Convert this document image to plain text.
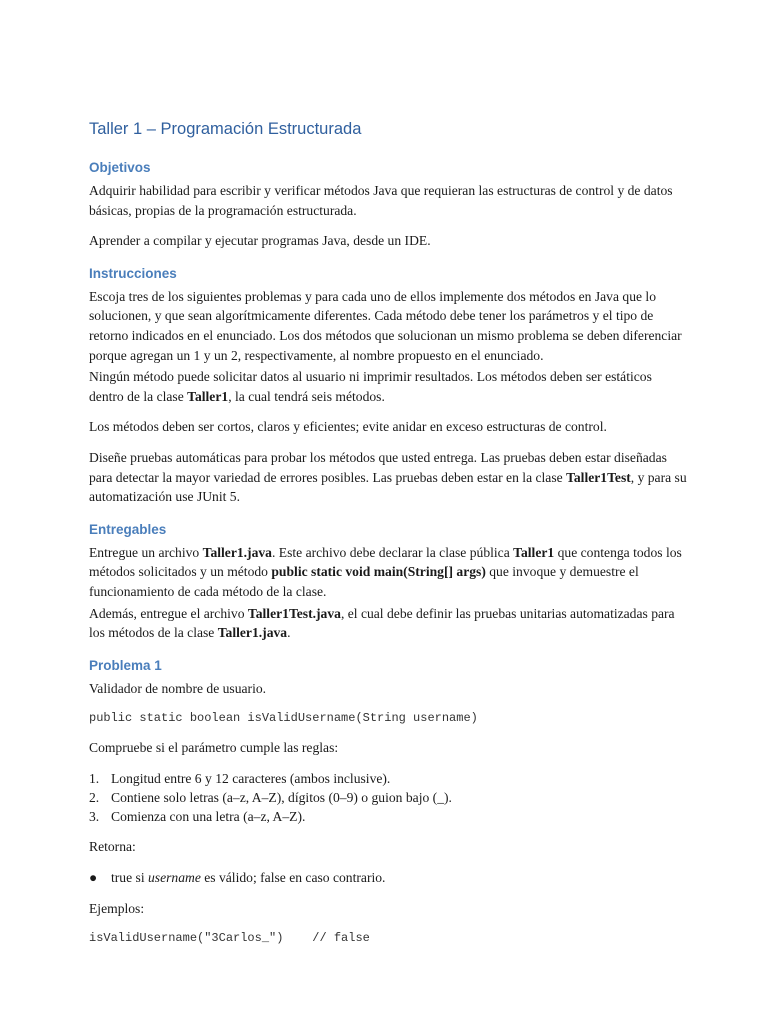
Taller 1 – Programación Estructurada
Objetivos

Adquirir habilidad para escribir y verificar métodos Java que requieran las estructuras de control y de datos básicas, propias de la programación estructurada.

Aprender a compilar y ejecutar programas Java, desde un IDE.

Instrucciones

Escoja tres de los siguientes problemas y para cada uno de ellos implemente dos métodos en Java que lo solucionen, y que sean algorítmicamente diferentes. Cada método debe tener los parámetros y el tipo de retorno indicados en el enunciado. Los dos métodos que solucionan un mismo problema se deben diferenciar porque agregan un 1 y un 2, respectivamente, al nombre propuesto en el enunciado.

Ningún método puede solicitar datos al usuario ni imprimir resultados. Los métodos deben ser estáticos dentro de la clase Taller1, la cual tendrá seis métodos.

Los métodos deben ser cortos, claros y eficientes; evite anidar en exceso estructuras de control.

Diseñe pruebas automáticas para probar los métodos que usted entrega. Las pruebas deben estar diseñadas para detectar la mayor variedad de errores posibles. Las pruebas deben estar en la clase Taller1Test, y para su automatización use JUnit 5.

Entregables

Entregue un archivo Taller1.java. Este archivo debe declarar la clase pública Taller1 que contenga todos los métodos solicitados y un método public static void main(String[] args) que invoque y demuestre el funcionamiento de cada método de la clase.

Además, entregue el archivo Taller1Test.java, el cual debe definir las pruebas unitarias automatizadas para los métodos de la clase Taller1.java.

Problema 1

Validador de nombre de usuario.

public static boolean isValidUsername(String username)

Compruebe si el parámetro cumple las reglas:

1. Longitud entre 6 y 12 caracteres (ambos inclusive).
2. Contiene solo letras (a–z, A–Z), dígitos (0–9) o guion bajo (_).
3. Comienza con una letra (a–z, A–Z).

Retorna:

●	true si username es válido; false en caso contrario.

Ejemplos:

isValidUsername("3Carlos_")    // false
